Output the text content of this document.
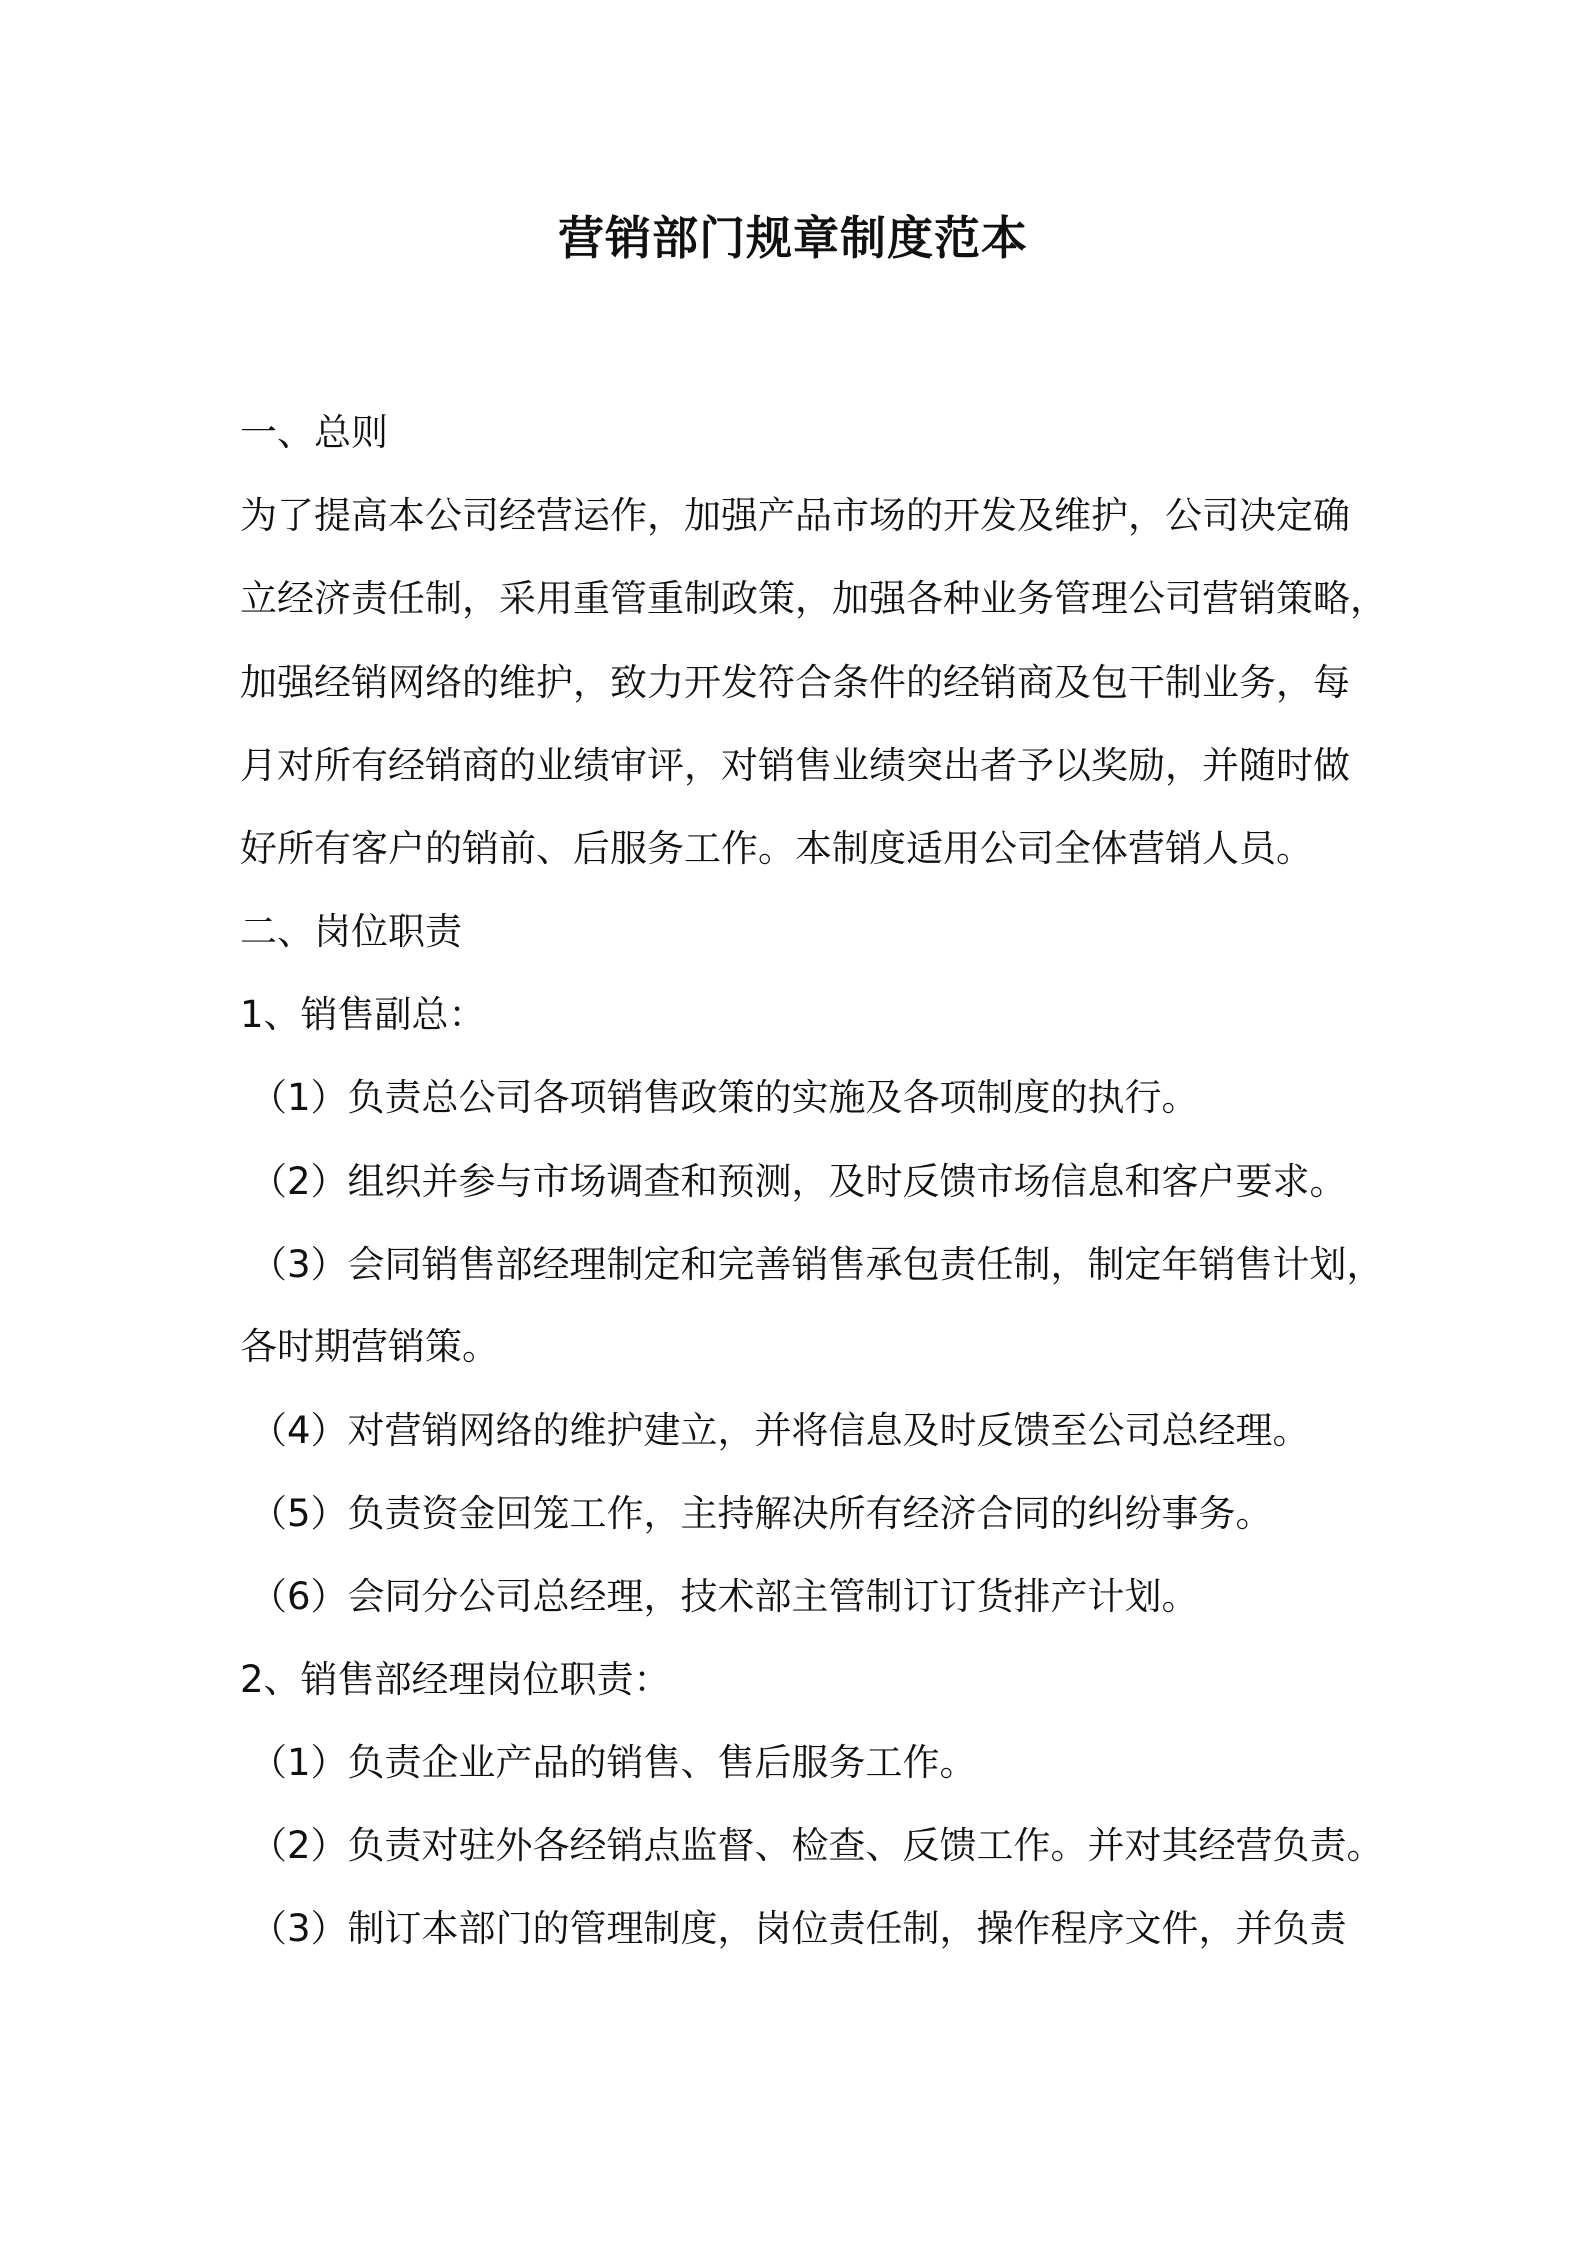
营销部门规章制度范本
一、总则
为了提高本公司经营运作，加强产品市场的开发及维护，公司决定确
立经济责任制，采用重管重制政策，加强各种业务管理公司营销策略，
加强经销网络的维护，致力开发符合条件的经销商及包干制业务，每
月对所有经销商的业绩审评，对销售业绩突出者予以奖励，并随时做
好所有客户的销前、后服务工作。本制度适用公司全体营销人员。
二、岗位职责
1、销售副总：
（1）负责总公司各项销售政策的实施及各项制度的执行。
（2）组织并参与市场调查和预测，及时反馈市场信息和客户要求。
（3）会同销售部经理制定和完善销售承包责任制，制定年销售计划，
各时期营销策。
（4）对营销网络的维护建立，并将信息及时反馈至公司总经理。
（5）负责资金回笼工作，主持解决所有经济合同的纠纷事务。
（6）会同分公司总经理，技术部主管制订订货排产计划。
2、销售部经理岗位职责：
（1）负责企业产品的销售、售后服务工作。
（2）负责对驻外各经销点监督、检查、反馈工作。并对其经营负责。
（3）制订本部门的管理制度，岗位责任制，操作程序文件，并负责
